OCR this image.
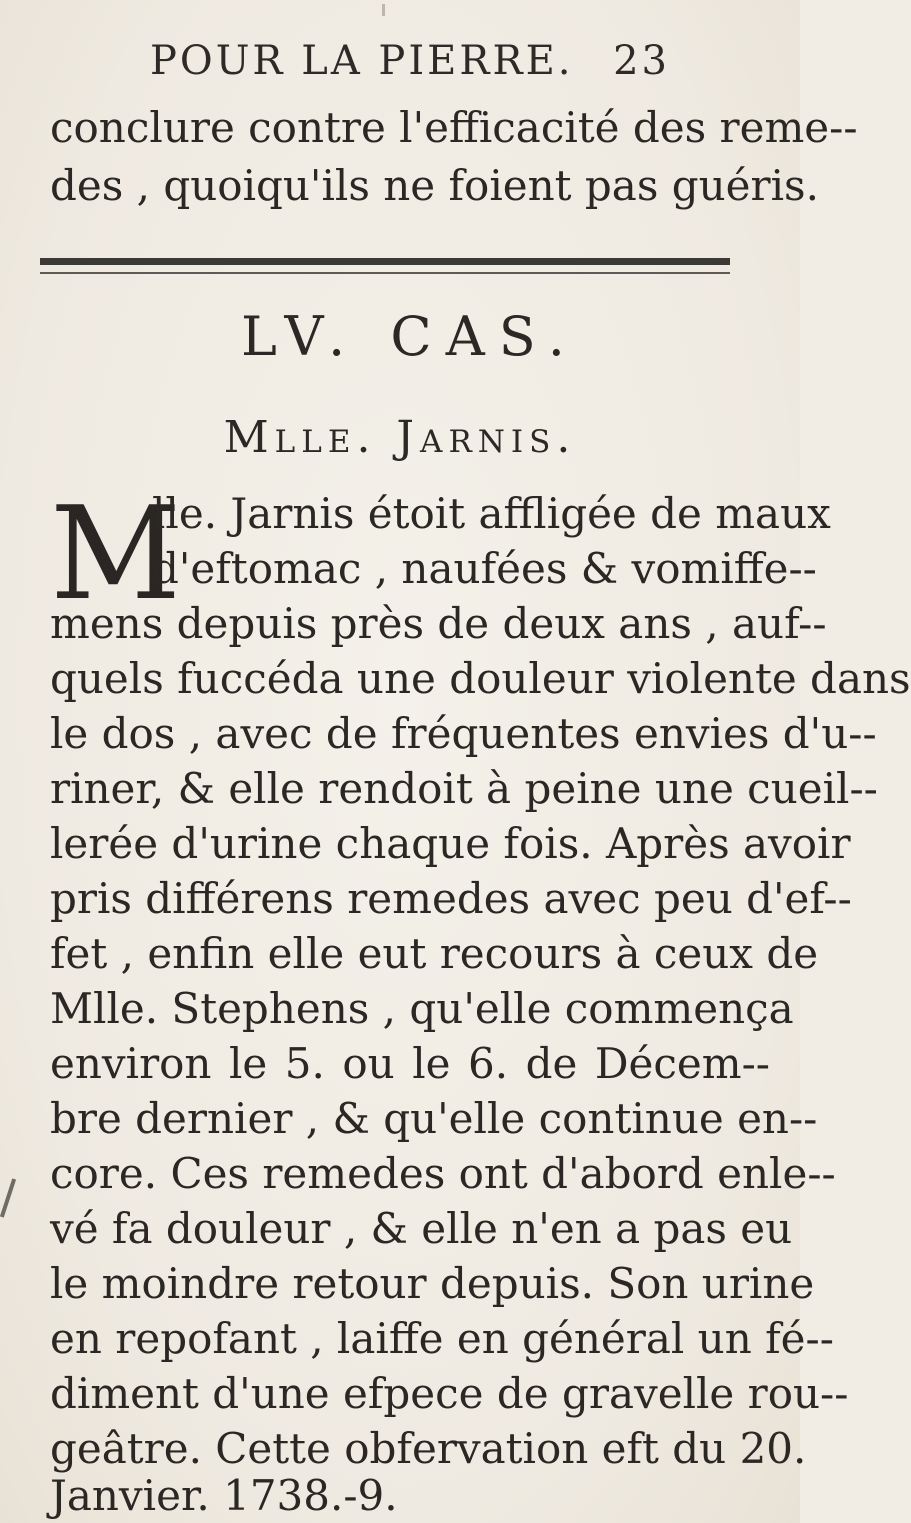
POUR LA PIERRE. 23
conclure contre l'efficacité des reme--
des , quoiqu'ils ne foient pas guéris.
LV. CAS.
Mlle. Jarnis.
M
lle. Jarnis étoit affligée de maux
d'eftomac , naufées & vomiffe--
mens depuis près de deux ans , auf--
quels fuccéda une douleur violente dans
le dos , avec de fréquentes envies d'u--
riner, & elle rendoit à peine une cueil--
lerée d'urine chaque fois. Après avoir
pris différens remedes avec peu d'ef--
fet , enfin elle eut recours à ceux de
Mlle. Stephens , qu'elle commença
environ le 5. ou le 6. de Décem--
bre dernier , & qu'elle continue en--
core. Ces remedes ont d'abord enle--
vé fa douleur , & elle n'en a pas eu
le moindre retour depuis. Son urine
en repofant , laiffe en général un fé--
diment d'une efpece de gravelle rou--
geâtre. Cette obfervation eft du 20.
Janvier. 1738.-9.
